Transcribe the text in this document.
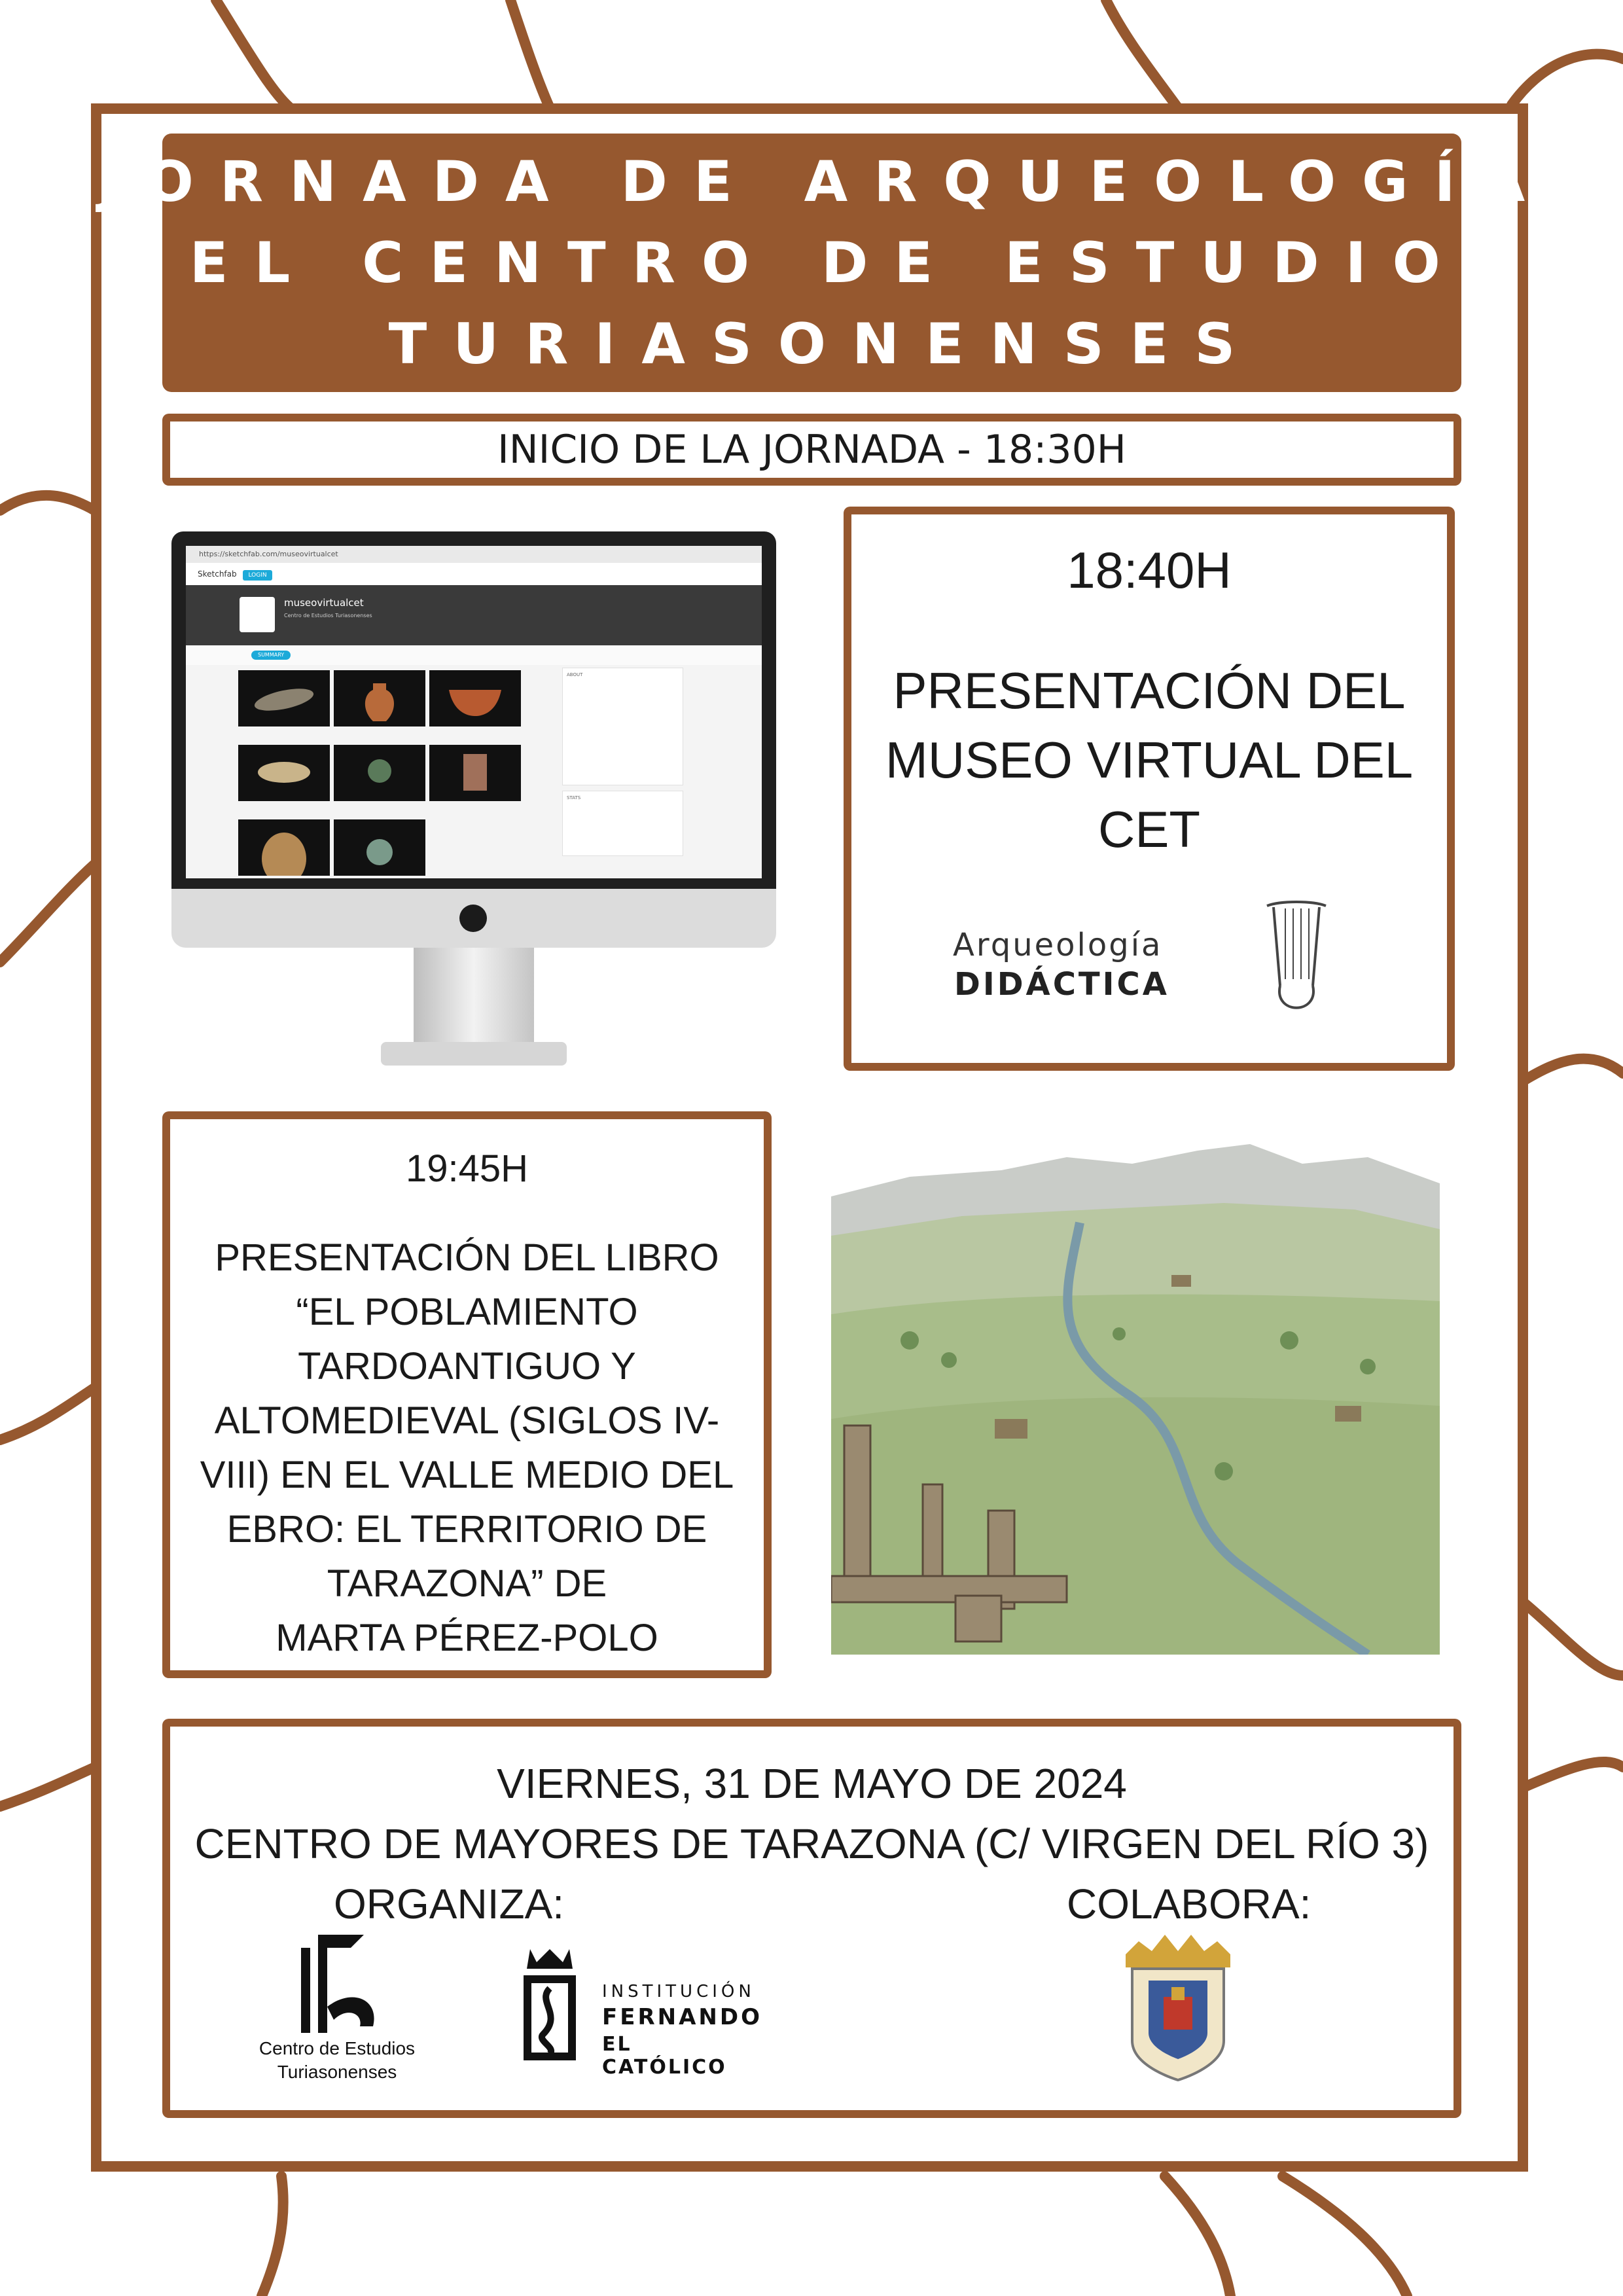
JORNADA DE ARQUEOLOGÍA
DEL CENTRO DE ESTUDIOS
TURIASONENSES
INICIO DE LA JORNADA - 18:30H
https://sketchfab.com/museovirtualcet
Sketchfab LOGIN
museovirtualcet
Centro de Estudios Turiasonenses
SUMMARY
ABOUT
STATS
18:40H
PRESENTACIÓN DEL MUSEO VIRTUAL DEL CET
Arqueología
DIDÁCTICA
19:45H
PRESENTACIÓN DEL LIBRO “EL POBLAMIENTO TARDOANTIGUO Y ALTOMEDIEVAL (SIGLOS IV-VIII) EN EL VALLE MEDIO DEL EBRO: EL TERRITORIO DE TARAZONA” DE
MARTA PÉREZ-POLO
VIERNES, 31 DE MAYO DE 2024
CENTRO DE MAYORES DE TARAZONA (C/ VIRGEN DEL RÍO 3)
ORGANIZA:	COLABORA:
Centro de Estudios
Turiasonenses
INSTITUCIÓN
FERNANDO
EL CATÓLICO
